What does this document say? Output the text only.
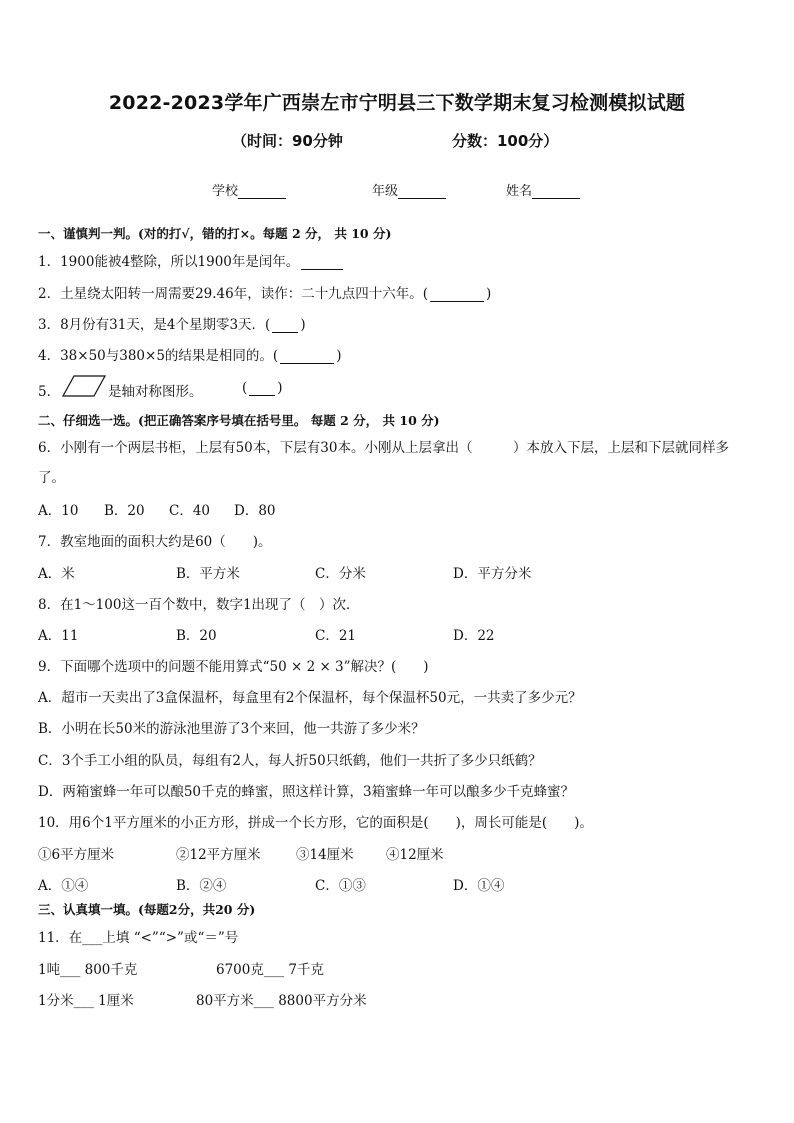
2022-2023学年广西崇左市宁明县三下数学期末复习检测模拟试题
（时间：90分钟	分数：100分）
学校	年级	姓名
一、谨慎判一判。(对的打√，错的打×。每题 2 分， 共 10 分)
1．1900能被4整除，所以1900年是闰年。
2．土星绕太阳转一周需要29.46年，读作：二十九点四十六年。(	)
3．8月份有31天，是4个星期零3天．( )
4．38×50与380×5的结果是相同的。(	)
5．	是轴对称图形。	( )
二、仔细选一选。(把正确答案序号填在括号里。 每题 2 分， 共 10 分)
6．小刚有一个两层书柜，上层有50本，下层有30本。小刚从上层拿出（　　　）本放入下层，上层和下层就同样多
了。
A．10 B．20 C．40 D．80
7．教室地面的面积大约是60（　　)。
A．米	B．平方米	C．分米	D．平方分米
8．在1～100这一百个数中，数字1出现了（　）次．
A．11	B．20	C．21	D．22
9．下面哪个选项中的问题不能用算式“50 × 2 × 3”解决？(　　)
A．超市一天卖出了3盒保温杯，每盒里有2个保温杯，每个保温杯50元，一共卖了多少元？
B．小明在长50米的游泳池里游了3个来回，他一共游了多少米？
C．3个手工小组的队员，每组有2人，每人折50只纸鹤，他们一共折了多少只纸鹤？
D．两箱蜜蜂一年可以酿50千克的蜂蜜，照这样计算，3箱蜜蜂一年可以酿多少千克蜂蜜？
10．用6个1平方厘米的小正方形，拼成一个长方形，它的面积是(　　)，周长可能是(　　)。
①6平方厘米	②12平方厘米	③14厘米 ④12厘米
A．①④	B．②④	C．①③	D．①④
三、认真填一填。(每题2分，共20 分)
11．在___上填 “<”“>”或“＝”号
1吨___ 800千克	6700克___ 7千克
1分米___ 1厘米	80平方米___ 8800平方分米
